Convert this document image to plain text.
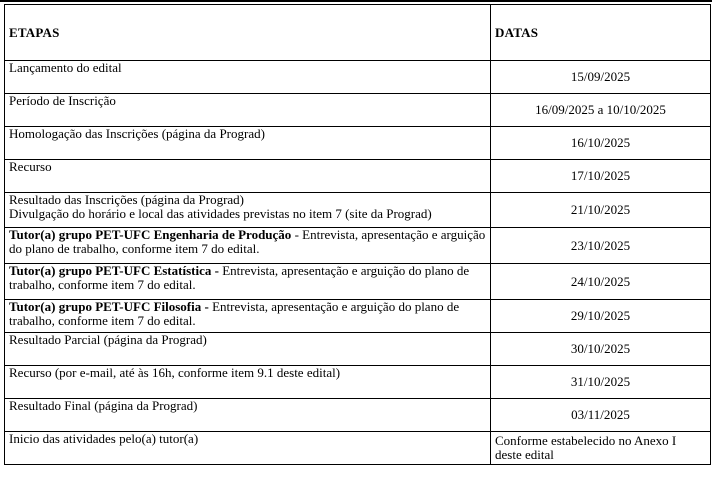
ETAPAS	DATAS
Lançamento do edital	15/09/2025
Período de Inscrição	16/09/2025 a 10/10/2025
Homologação das Inscrições (página da Prograd)	16/10/2025
Recurso	17/10/2025

Resultado das Inscrições (página da Prograd)
Divulgação do horário e local das atividades previstas no item 7 (site da Prograd)	21/10/2025
Tutor(a) grupo PET-UFC Engenharia de Produção - Entrevista, apresentação e arguição do plano de trabalho, conforme item 7 do edital.	23/10/2025
Tutor(a) grupo PET-UFC Estatística - Entrevista, apresentação e arguição do plano de trabalho, conforme item 7 do edital.	24/10/2025
Tutor(a) grupo PET-UFC Filosofia - Entrevista, apresentação e arguição do plano de trabalho, conforme item 7 do edital.	29/10/2025
Resultado Parcial (página da Prograd)	30/10/2025
Recurso (por e-mail, até às 16h, conforme item 9.1 deste edital)	31/10/2025
Resultado Final (página da Prograd)	03/11/2025
Inicio das atividades pelo(a) tutor(a)	Conforme estabelecido no Anexo I deste edital
